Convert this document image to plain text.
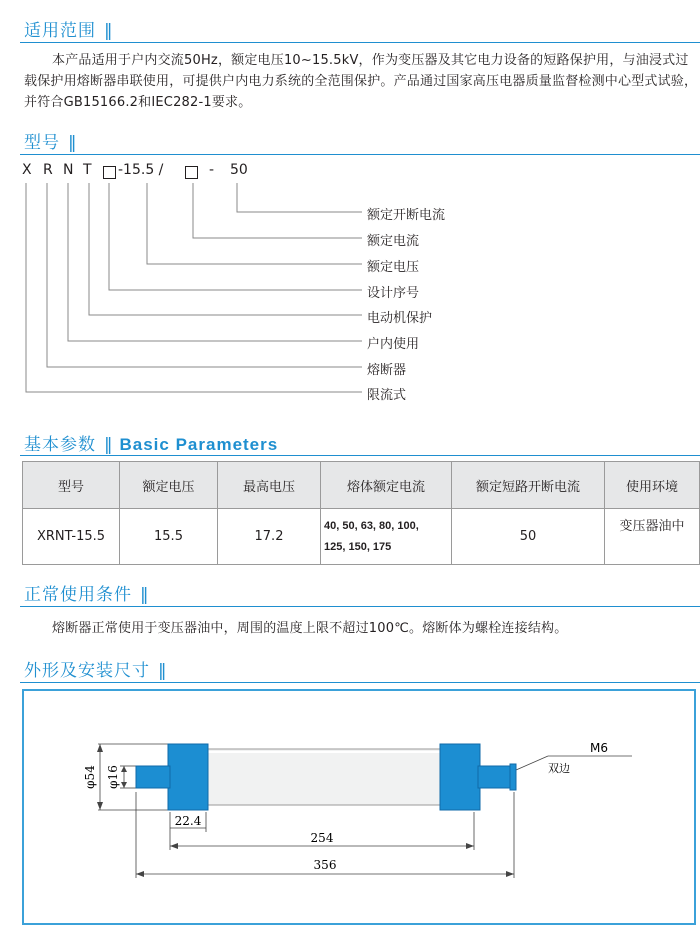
适用范围 ‖

本产品适用于户内交流50Hz，额定电压10~15.5kV，作为变压器及其它电力设备的短路保护用，与油浸式过载保护用熔断器串联使用，可提供户内电力系统的全范围保护。产品通过国家高压电器质量监督检测中心型式试验，并符合GB15166.2和IEC282-1要求。

型号 ‖
X R N T -15.5 /	- 50
额定开断电流
额定电流
额定电压
设计序号
电动机保护
户内使用
熔断器
限流式
基本参数 ‖ Basic Parameters
型号	额定电压	最高电压	熔体额定电流	额定短路开断电流	使用环境
XRNT-15.5	15.5	17.2	40, 50, 63, 80, 100,
125, 150, 175	50	变压器油中
正常使用条件 ‖

熔断器正常使用于变压器油中，周围的温度上限不超过100℃。熔断体为螺栓连接结构。

外形及安装尺寸 ‖
φ54 φ16
22.4
254
356
M6
双边
